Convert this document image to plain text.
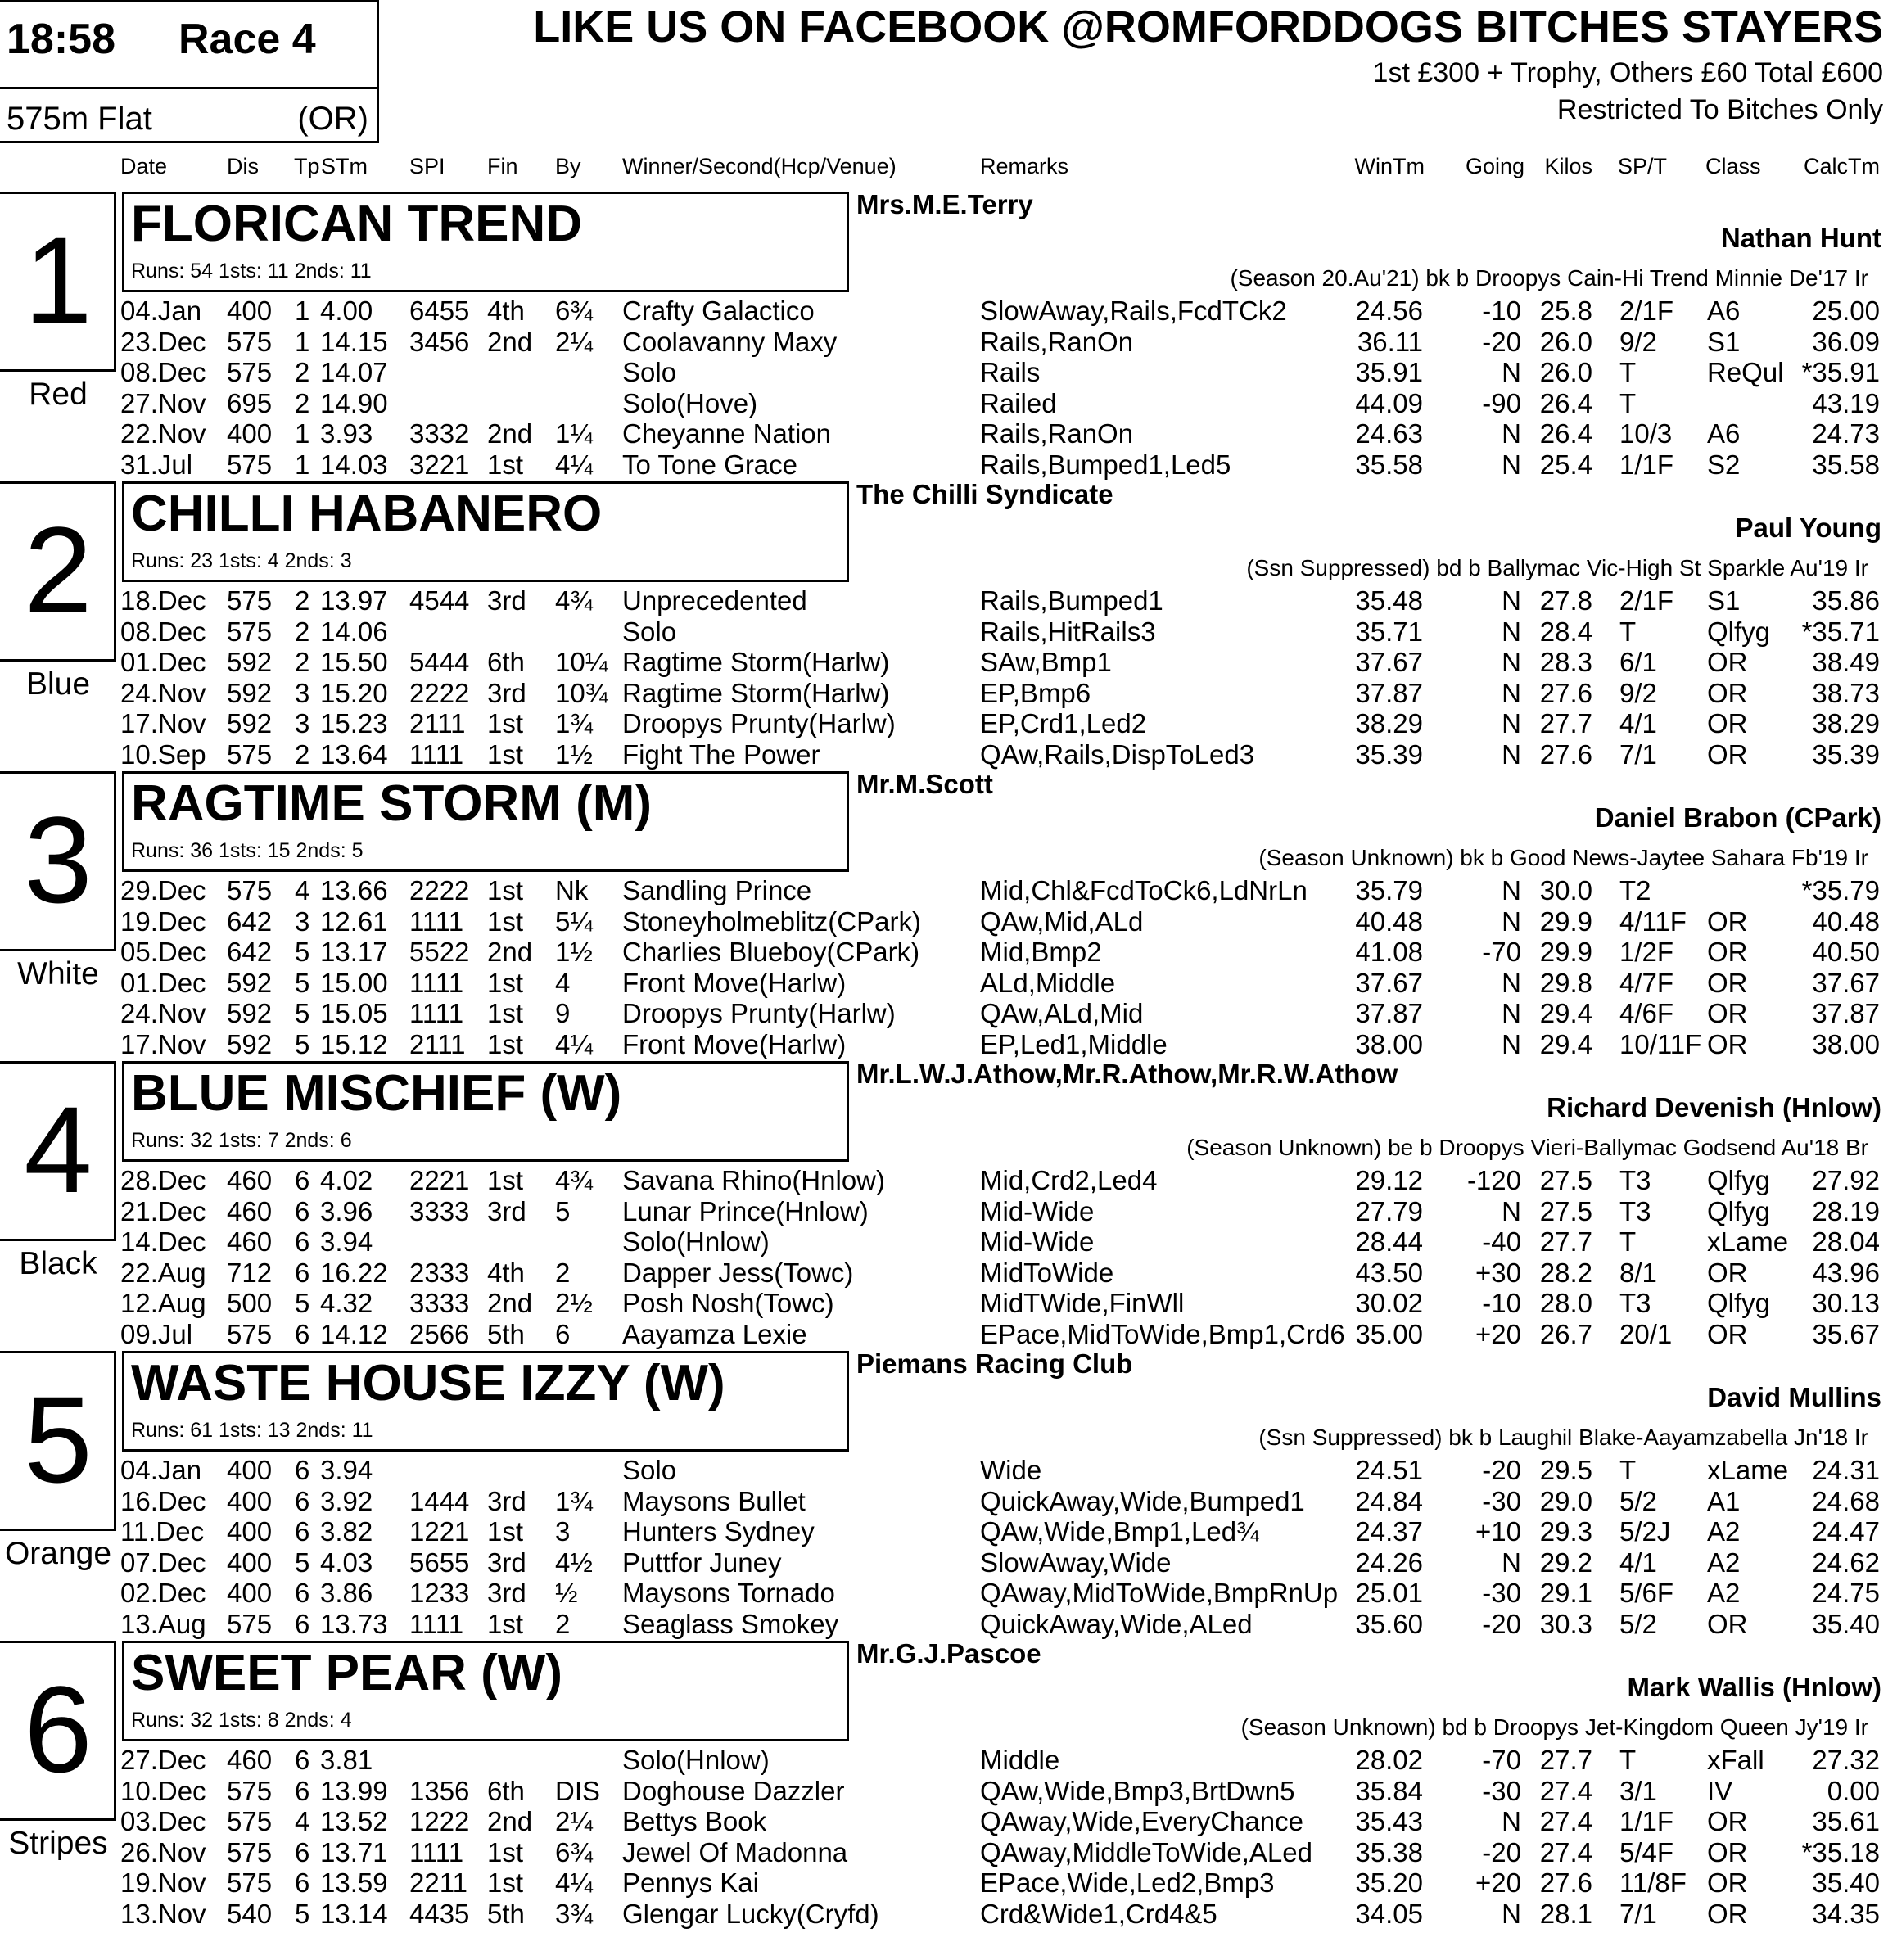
18:58 Race 4
575m Flat	(OR)
LIKE US ON FACEBOOK @ROMFORDDOGS BITCHES STAYERS
1st £300 + Trophy, Others £60 Total £600
Restricted To Bitches Only
Date	Dis Tp STm SPI Fin By Winner/Second(Hcp/Venue)	Remarks	WinTm Going Kilos SP/T Class CalcTm
1
Red
FLORICAN TREND
Runs: 54 1sts: 11 2nds: 11
Mrs.M.E.Terry
Nathan Hunt
(Season 20.Au'21) bk b Droopys Cain-Hi Trend Minnie De'17 Ir
04.Jan 400 1 4.00 6455 4th 6¾ Crafty Galactico	SlowAway,Rails,FcdTCk2	24.56 -10 25.8 2/1F A6	25.00
23.Dec 575 1 14.15 3456 2nd 2¼ Coolavanny Maxy	Rails,RanOn	36.11 -20 26.0 9/2 S1	36.09
08.Dec 575 2 14.07	Solo	Rails	35.91	N 26.0 T	ReQul *35.91
27.Nov 695 2 14.90	Solo(Hove)	Railed	44.09 -90 26.4 T	43.19
22.Nov 400 1 3.93 3332 2nd 1¼ Cheyanne Nation	Rails,RanOn	24.63	N 26.4 10/3 A6	24.73
31.Jul 575 1 14.03 3221 1st 4¼ To Tone Grace	Rails,Bumped1,Led5	35.58	N 25.4 1/1F S2	35.58
2
Blue
CHILLI HABANERO
Runs: 23 1sts: 4 2nds: 3
The Chilli Syndicate
Paul Young
(Ssn Suppressed) bd b Ballymac Vic-High St Sparkle Au'19 Ir
18.Dec 575 2 13.97 4544 3rd 4¾ Unprecedented	Rails,Bumped1	35.48	N 27.8 2/1F S1	35.86
08.Dec 575 2 14.06	Solo	Rails,HitRails3	35.71	N 28.4 T	Qlfyg *35.71
01.Dec 592 2 15.50 5444 6th 10¼ Ragtime Storm(Harlw)	SAw,Bmp1	37.67	N 28.3 6/1 OR 38.49
24.Nov 592 3 15.20 2222 3rd 10¾ Ragtime Storm(Harlw)	EP,Bmp6	37.87	N 27.6 9/2 OR 38.73
17.Nov 592 3 15.23 2111 1st 1¾ Droopys Prunty(Harlw)	EP,Crd1,Led2	38.29	N 27.7 4/1 OR 38.29
10.Sep 575 2 13.64 1111 1st 1½ Fight The Power	QAw,Rails,DispToLed3	35.39	N 27.6 7/1 OR 35.39
3
White
RAGTIME STORM (M)
Runs: 36 1sts: 15 2nds: 5
Mr.M.Scott
Daniel Brabon (CPark)
(Season Unknown) bk b Good News-Jaytee Sahara Fb'19 Ir
29.Dec 575 4 13.66 2222 1st Nk Sandling Prince	Mid,Chl&FcdToCk6,LdNrLn 35.79	N 30.0 T2	*35.79
19.Dec 642 3 12.61 1111 1st 5¼ Stoneyholmeblitz(CPark) QAw,Mid,ALd	40.48	N 29.9 4/11F OR 40.48
05.Dec 642 5 13.17 5522 2nd 1½ Charlies Blueboy(CPark) Mid,Bmp2	41.08 -70 29.9 1/2F OR 40.50
01.Dec 592 5 15.00 1111 1st 4 Front Move(Harlw)	ALd,Middle	37.67	N 29.8 4/7F OR 37.67
24.Nov 592 5 15.05 1111 1st 9 Droopys Prunty(Harlw)	QAw,ALd,Mid	37.87	N 29.4 4/6F OR 37.87
17.Nov 592 5 15.12 2111 1st 4¼ Front Move(Harlw)	EP,Led1,Middle	38.00	N 29.4 10/11F OR 38.00
4
Black
BLUE MISCHIEF (W)
Runs: 32 1sts: 7 2nds: 6
Mr.L.W.J.Athow,Mr.R.Athow,Mr.R.W.Athow
Richard Devenish (Hnlow)
(Season Unknown) be b Droopys Vieri-Ballymac Godsend Au'18 Br
28.Dec 460 6 4.02 2221 1st 4¾ Savana Rhino(Hnlow)	Mid,Crd2,Led4	29.12 -120 27.5 T3 Qlfyg 27.92
21.Dec 460 6 3.96 3333 3rd 5 Lunar Prince(Hnlow)	Mid-Wide	27.79	N 27.5 T3 Qlfyg 28.19
14.Dec 460 6 3.94	Solo(Hnlow)	Mid-Wide	28.44 -40 27.7 T	xLame 28.04
22.Aug 712 6 16.22 2333 4th 2 Dapper Jess(Towc)	MidToWide	43.50 +30 28.2 8/1 OR 43.96
12.Aug 500 5 4.32 3333 2nd 2½ Posh Nosh(Towc)	MidTWide,FinWll	30.02 -10 28.0 T3 Qlfyg 30.13
09.Jul 575 6 14.12 2566 5th 6 Aayamza Lexie	EPace,MidToWide,Bmp1,Crd6 35.00 +20 26.7 20/1 OR 35.67
5
Orange
WASTE HOUSE IZZY (W)
Runs: 61 1sts: 13 2nds: 11
Piemans Racing Club
David Mullins
(Ssn Suppressed) bk b Laughil Blake-Aayamzabella Jn'18 Ir
04.Jan 400 6 3.94	Solo	Wide	24.51 -20 29.5 T	xLame 24.31
16.Dec 400 6 3.92 1444 3rd 1¾ Maysons Bullet	QuickAway,Wide,Bumped1 24.84 -30 29.0 5/2 A1	24.68
11.Dec 400 6 3.82 1221 1st 3 Hunters Sydney	QAw,Wide,Bmp1,Led¾	24.37 +10 29.3 5/2J A2	24.47
07.Dec 400 5 4.03 5655 3rd 4½ Puttfor Juney	SlowAway,Wide	24.26	N 29.2 4/1 A2	24.62
02.Dec 400 6 3.86 1233 3rd ½ Maysons Tornado	QAway,MidToWide,BmpRnUp 25.01 -30 29.1 5/6F A2	24.75
13.Aug 575 6 13.73 1111 1st 2 Seaglass Smokey	QuickAway,Wide,ALed	35.60 -20 30.3 5/2 OR 35.40
6
Stripes
SWEET PEAR (W)
Runs: 32 1sts: 8 2nds: 4
Mr.G.J.Pascoe
Mark Wallis (Hnlow)
(Season Unknown) bd b Droopys Jet-Kingdom Queen Jy'19 Ir
27.Dec 460 6 3.81	Solo(Hnlow)	Middle	28.02 -70 27.7 T	xFall 27.32
10.Dec 575 6 13.99 1356 6th DIS Doghouse Dazzler	QAw,Wide,Bmp3,BrtDwn5 35.84 -30 27.4 3/1 IV	0.00
03.Dec 575 4 13.52 1222 2nd 2¼ Bettys Book	QAway,Wide,EveryChance 35.43	N 27.4 1/1F OR 35.61
26.Nov 575 6 13.71 1111 1st 6¾ Jewel Of Madonna	QAway,MiddleToWide,ALed 35.38 -20 27.4 5/4F OR *35.18
19.Nov 575 6 13.59 2211 1st 4¼ Pennys Kai	EPace,Wide,Led2,Bmp3	35.20 +20 27.6 11/8F OR 35.40
13.Nov 540 5 13.14 4435 5th 3¾ Glengar Lucky(Cryfd)	Crd&Wide1,Crd4&5	34.05	N 28.1 7/1 OR 34.35
